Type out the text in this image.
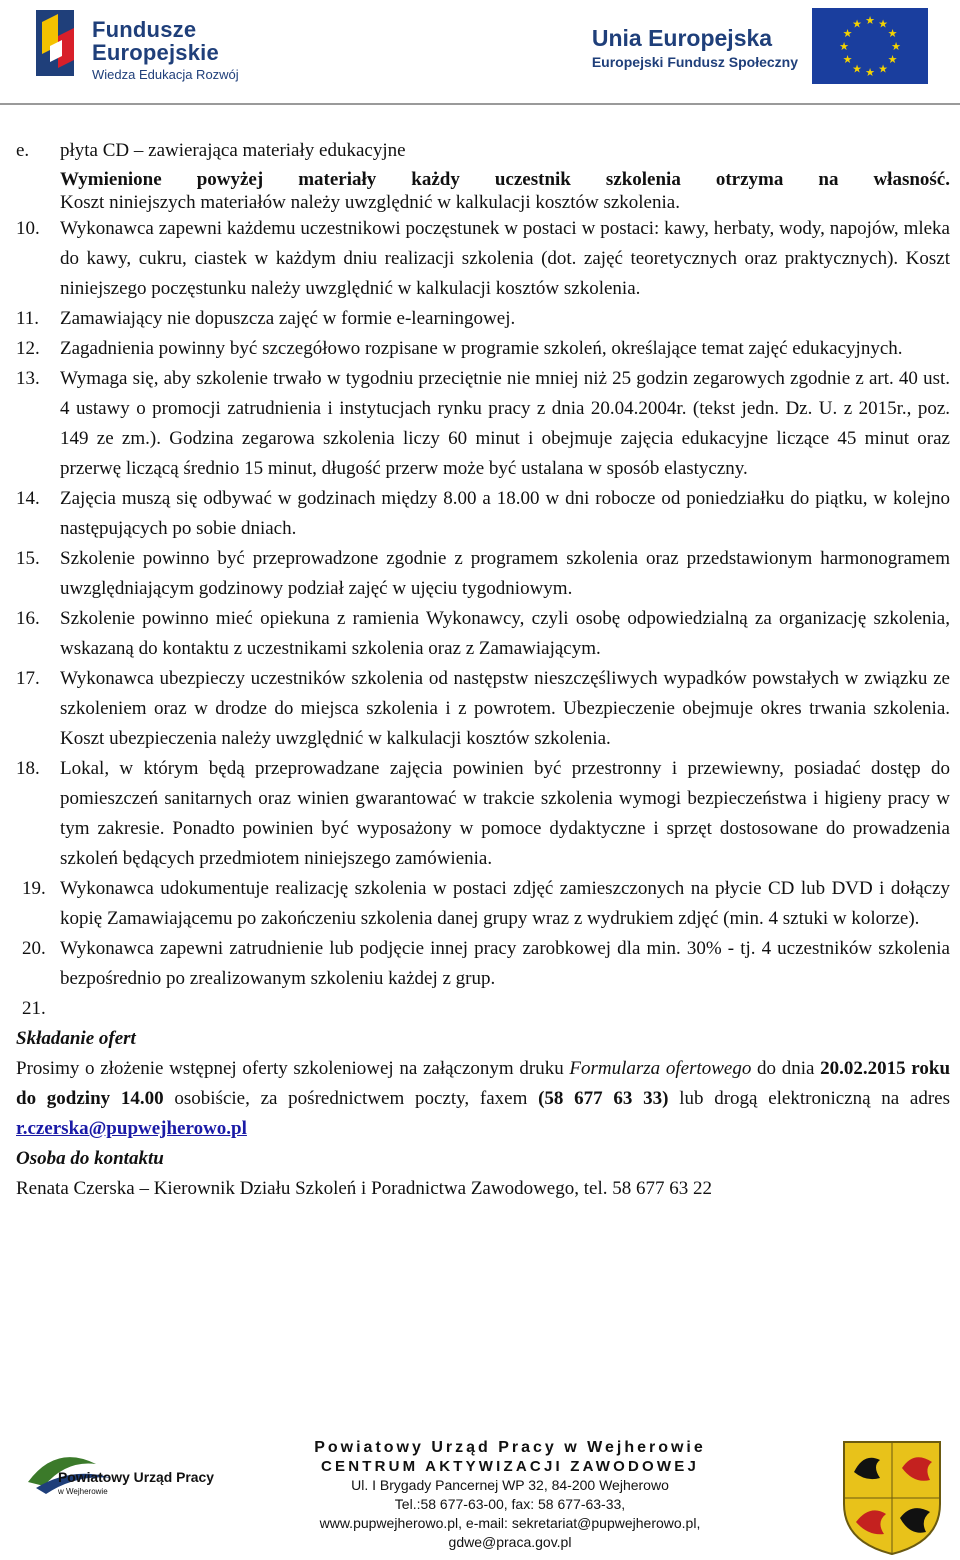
Fundusze
Europejskie
Wiedza Edukacja Rozwój
Unia Europejska
Europejski Fundusz Społeczny
★ ★
★
★
★
★
★
★
★
★
★
★
e.	płyta CD – zawierająca materiały edukacyjne
Wymienione powyżej materiały każdy uczestnik szkolenia otrzyma na własność.
Koszt niniejszych materiałów należy uwzględnić w kalkulacji kosztów szkolenia.
10.	Wykonawca zapewni każdemu uczestnikowi poczęstunek w postaci w postaci: kawy, herbaty, wody, napojów, mleka do kawy, cukru, ciastek w każdym dniu realizacji szkolenia (dot. zajęć teoretycznych oraz praktycznych). Koszt niniejszego poczęstunku należy uwzględnić w kalkulacji kosztów szkolenia.
11.	Zamawiający nie dopuszcza zajęć w formie e-learningowej.
12.	Zagadnienia powinny być szczegółowo rozpisane w programie szkoleń, określające temat zajęć edukacyjnych.
13.	Wymaga się, aby szkolenie trwało w tygodniu przeciętnie nie mniej niż 25 godzin zegarowych zgodnie z art. 40 ust. 4 ustawy o promocji zatrudnienia i instytucjach rynku pracy z dnia 20.04.2004r. (tekst jedn. Dz. U. z 2015r., poz. 149 ze zm.). Godzina zegarowa szkolenia liczy 60 minut i obejmuje zajęcia edukacyjne liczące 45 minut oraz przerwę liczącą średnio 15 minut, długość przerw może być ustalana w sposób elastyczny.
14.	Zajęcia muszą się odbywać w godzinach między 8.00 a 18.00 w dni robocze od poniedziałku do piątku, w kolejno następujących po sobie dniach.
15.	Szkolenie powinno być przeprowadzone zgodnie z programem szkolenia oraz przedstawionym harmonogramem uwzględniającym godzinowy podział zajęć w ujęciu tygodniowym.
16.	Szkolenie powinno mieć opiekuna z ramienia Wykonawcy, czyli osobę odpowiedzialną za organizację szkolenia, wskazaną do kontaktu z uczestnikami szkolenia oraz z Zamawiającym.
17.	Wykonawca ubezpieczy uczestników szkolenia od następstw nieszczęśliwych wypadków powstałych w związku ze szkoleniem oraz w drodze do miejsca szkolenia i z powrotem. Ubezpieczenie obejmuje okres trwania szkolenia. Koszt ubezpieczenia należy uwzględnić w kalkulacji kosztów szkolenia.
18.	Lokal, w którym będą przeprowadzane zajęcia powinien być przestronny i przewiewny, posiadać dostęp do pomieszczeń sanitarnych oraz winien gwarantować w trakcie szkolenia wymogi bezpieczeństwa i higieny pracy w tym zakresie. Ponadto powinien być wyposażony w pomoce dydaktyczne i sprzęt dostosowane do prowadzenia szkoleń będących przedmiotem niniejszego zamówienia.
19. Wykonawca udokumentuje realizację szkolenia w postaci zdjęć zamieszczonych na płycie CD lub DVD i dołączy kopię Zamawiającemu po zakończeniu szkolenia danej grupy wraz z wydrukiem zdjęć (min. 4 sztuki w kolorze).
20. Wykonawca zapewni zatrudnienie lub podjęcie innej pracy zarobkowej dla min. 30% - tj. 4 uczestników szkolenia bezpośrednio po zrealizowanym szkoleniu każdej z grup.
21.
Składanie ofert
Prosimy o złożenie wstępnej oferty szkoleniowej na załączonym druku Formularza ofertowego do dnia 20.02.2015 roku do godziny 14.00 osobiście, za pośrednictwem poczty, faxem (58 677 63 33) lub drogą elektroniczną na adres r.czerska@pupwejherowo.pl
Osoba do kontaktu
Renata Czerska – Kierownik Działu Szkoleń i Poradnictwa Zawodowego, tel. 58 677 63 22
Powiatowy Urząd Pracy
w Wejherowie
Powiatowy Urząd Pracy w Wejherowie
CENTRUM AKTYWIZACJI ZAWODOWEJ
Ul. I Brygady Pancernej WP 32, 84-200 Wejherowo
Tel.:58 677-63-00, fax: 58 677-63-33,
www.pupwejherowo.pl, e-mail: sekretariat@pupwejherowo.pl,
gdwe@praca.gov.pl
